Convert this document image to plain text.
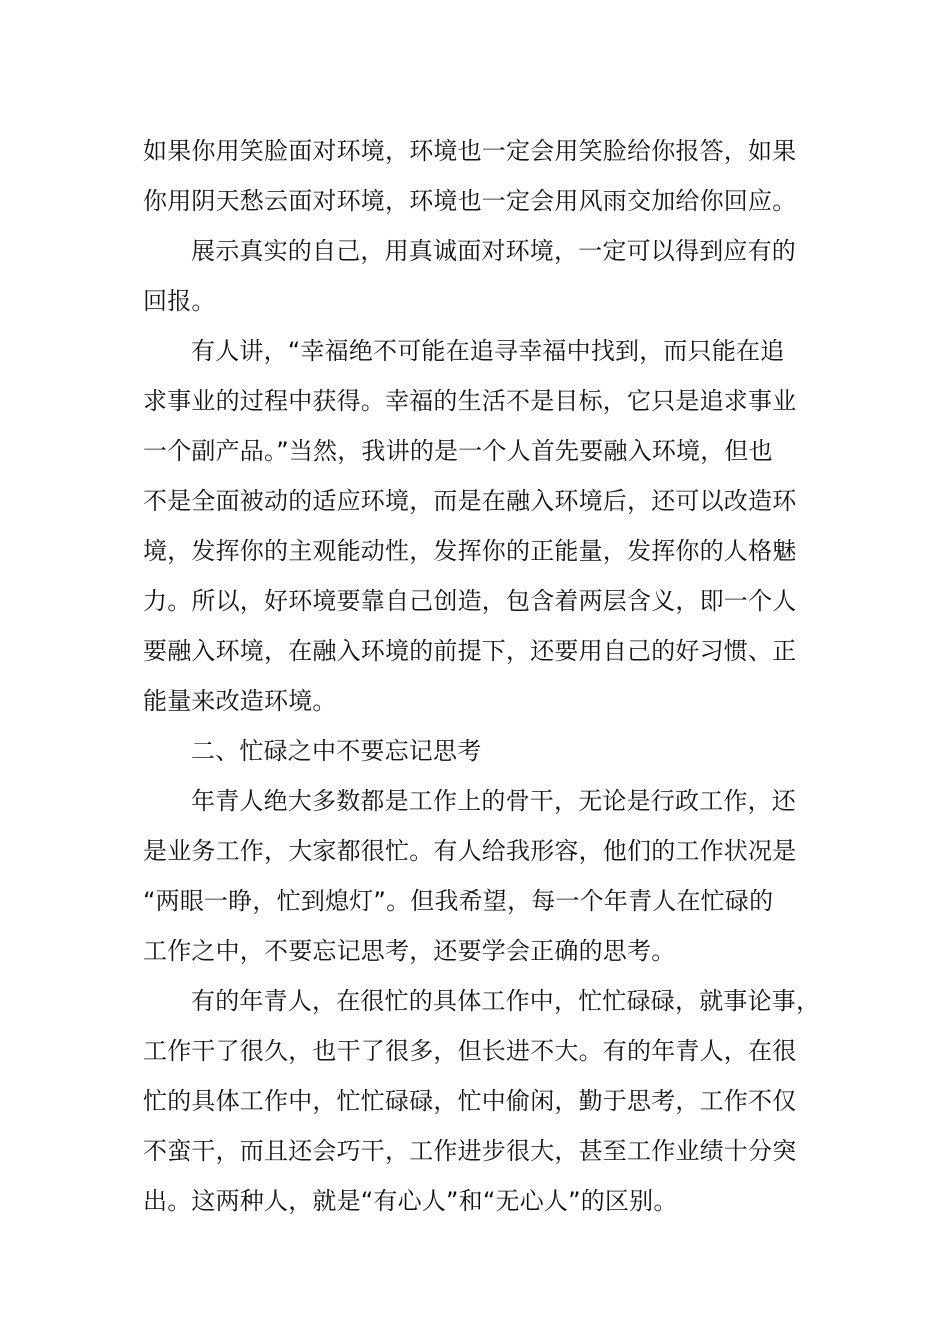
如果你用笑脸面对环境，环境也一定会用笑脸给你报答，如果
你用阴天愁云面对环境，环境也一定会用风雨交加给你回应。
展示真实的自己，用真诚面对环境，一定可以得到应有的
回报。
有人讲，“幸福绝不可能在追寻幸福中找到，而只能在追
求事业的过程中获得。幸福的生活不是目标，它只是追求事业
一个副产品。”当然，我讲的是一个人首先要融入环境，但也
不是全面被动的适应环境，而是在融入环境后，还可以改造环
境，发挥你的主观能动性，发挥你的正能量，发挥你的人格魅
力。所以，好环境要靠自己创造，包含着两层含义，即一个人
要融入环境，在融入环境的前提下，还要用自己的好习惯、正
能量来改造环境。
二、忙碌之中不要忘记思考
年青人绝大多数都是工作上的骨干，无论是行政工作，还
是业务工作，大家都很忙。有人给我形容，他们的工作状况是
“两眼一睁，忙到熄灯”。但我希望，每一个年青人在忙碌的
工作之中，不要忘记思考，还要学会正确的思考。
有的年青人，在很忙的具体工作中，忙忙碌碌，就事论事，
工作干了很久，也干了很多，但长进不大。有的年青人，在很
忙的具体工作中，忙忙碌碌，忙中偷闲，勤于思考，工作不仅
不蛮干，而且还会巧干，工作进步很大，甚至工作业绩十分突
出。这两种人，就是“有心人”和“无心人”的区别。
